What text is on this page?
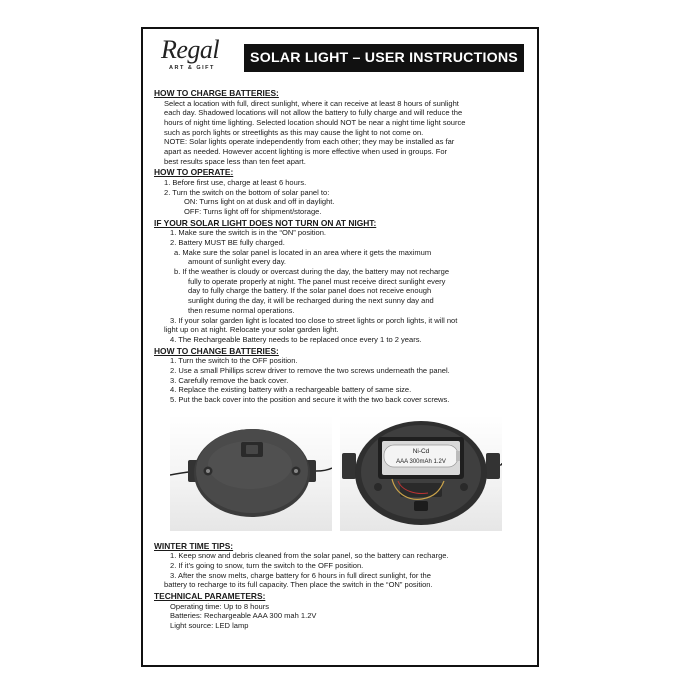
Regal
ART & GIFT
SOLAR LIGHT – USER INSTRUCTIONS
HOW TO CHARGE BATTERIES:
Select a location with full, direct sunlight, where it can receive at least 8 hours of sunlight
each day. Shadowed locations will not allow the battery to fully charge and will reduce the
hours of night time lighting. Selected location should NOT be near a night time light source
such as porch lights or streetlights as this may cause the light to not come on.
NOTE: Solar lights operate independently from each other; they may be installed as far
apart as needed. However accent lighting is more effective when used in groups. For
best results space less than ten feet apart.
HOW TO OPERATE:
1. Before first use, charge at least 6 hours.
2. Turn the switch on the bottom of solar panel to:
ON: Turns light on at dusk and off in daylight.
OFF: Turns light off for shipment/storage.
IF YOUR SOLAR LIGHT DOES NOT TURN ON AT NIGHT:
1. Make sure the switch is in the “ON” position.
2. Battery MUST BE fully charged.
a. Make sure the solar panel is located in an area where it gets the maximum
amount of sunlight every day.
b. If the weather is cloudy or overcast during the day, the battery may not recharge
fully to operate properly at night. The panel must receive direct sunlight every
day to fully charge the battery. If the solar panel does not receive enough
sunlight during the day, it will be recharged during the next sunny day and
then resume normal operations.
3. If your solar garden light is located too close to street lights or porch lights, it will not
light up on at night. Relocate your solar garden light.
4. The Rechargeable Battery needs to be replaced once every 1 to 2 years.
HOW TO CHANGE BATTERIES:
1. Turn the switch to the OFF position.
2. Use a small Phillips screw driver to remove the two screws underneath the panel.
3. Carefully remove the back cover.
4. Replace the existing battery with a rechargeable battery of same size.
5. Put the back cover into the position and secure it with the two back cover screws.
Ni-Cd
AAA 300mAh 1.2V
WINTER TIME TIPS:
1. Keep snow and debris cleaned from the solar panel, so the battery can recharge.
2. If it’s going to snow, turn the switch to the OFF position.
3. After the snow melts, charge battery for 6 hours in full direct sunlight, for the
battery to recharge to its full capacity. Then place the switch in the “ON” position.
TECHNICAL PARAMETERS:
Operating time: Up to 8 hours
Batteries: Rechargeable AAA 300 mah 1.2V
Light source: LED lamp
